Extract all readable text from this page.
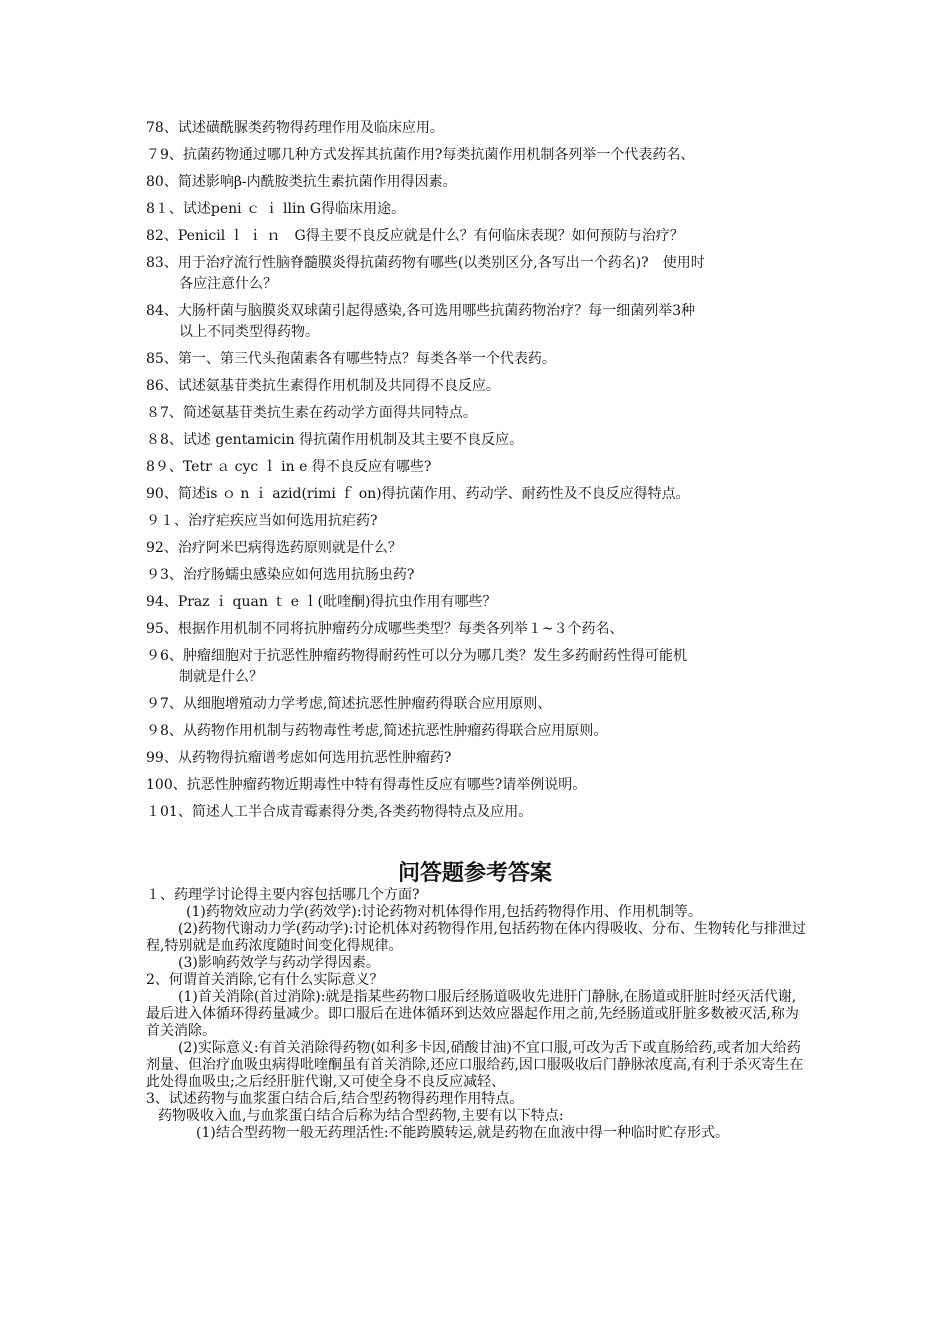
78、试述磺酰脲类药物得药理作用及临床应用。
７9、抗菌药物通过哪几种方式发挥其抗菌作用?每类抗菌作用机制各列举一个代表药名、
80、简述影响β-内酰胺类抗生素抗菌作用得因素。
8１、试述peni ｃ ｉ llin G得临床用途。
82、Penicil ｌ ｉ ｎ　G得主要不良反应就是什么？有何临床表现？如何预防与治疗？
83、用于治疗流行性脑脊髓膜炎得抗菌药物有哪些(以类别区分,各写出一个药名)?　使用时
各应注意什么？
84、大肠杆菌与脑膜炎双球菌引起得感染,各可选用哪些抗菌药物治疗？每一细菌列举3种
以上不同类型得药物。
85、第一、第三代头孢菌素各有哪些特点？每类各举一个代表药。
86、试述氨基苷类抗生素得作用机制及共同得不良反应。
８7、简述氨基苷类抗生素在药动学方面得共同特点。
８8、试述 gentamicin 得抗菌作用机制及其主要不良反应。
8９、Tetr ａ cyc ｌ in e 得不良反应有哪些?
90、简述is ｏ n ｉ azid(rimi ｆ on)得抗菌作用、药动学、耐药性及不良反应得特点。
９１、治疗疟疾应当如何选用抗疟药?
92、治疗阿米巴病得选药原则就是什么？
９3、治疗肠蠕虫感染应如何选用抗肠虫药?
94、Praz ｉ quan ｔ e ｌ(吡喹酮)得抗虫作用有哪些？
95、根据作用机制不同将抗肿瘤药分成哪些类型？每类各列举１~３个药名、
９6、肿瘤细胞对于抗恶性肿瘤药物得耐药性可以分为哪几类？发生多药耐药性得可能机
制就是什么？
９7、从细胞增殖动力学考虑,简述抗恶性肿瘤药得联合应用原则、
９8、从药物作用机制与药物毒性考虑,简述抗恶性肿瘤药得联合应用原则。
99、从药物得抗瘤谱考虑如何选用抗恶性肿瘤药?
100、抗恶性肿瘤药物近期毒性中特有得毒性反应有哪些?请举例说明。
１01、简述人工半合成青霉素得分类,各类药物得特点及应用。
问答题参考答案

１、药理学讨论得主要内容包括哪几个方面?

(1)药物效应动力学(药效学):讨论药物对机体得作用,包括药物得作用、作用机制等。

(2)药物代谢动力学(药动学):讨论机体对药物得作用,包括药物在体内得吸收、分布、生物转化与排泄过程,特别就是血药浓度随时间变化得规律。

(3)影响药效学与药动学得因素。

2、何谓首关消除,它有什么实际意义？

(1)首关消除(首过消除):就是指某些药物口服后经肠道吸收先进肝门静脉,在肠道或肝脏时经灭活代谢,最后进入体循环得药量减少。即口服后在进体循环到达效应器起作用之前,先经肠道或肝脏多数被灭活,称为首关消除。

(2)实际意义:有首关消除得药物(如利多卡因,硝酸甘油)不宜口服,可改为舌下或直肠给药,或者加大给药剂量、但治疗血吸虫病得吡喹酮虽有首关消除,还应口服给药,因口服吸收后门静脉浓度高,有利于杀灭寄生在此处得血吸虫;之后经肝脏代谢,又可使全身不良反应减轻、

3、试述药物与血浆蛋白结合后,结合型药物得药理作用特点。

药物吸收入血,与血浆蛋白结合后称为结合型药物,主要有以下特点:

(1)结合型药物一般无药理活性:不能跨膜转运,就是药物在血液中得一种临时贮存形式。
